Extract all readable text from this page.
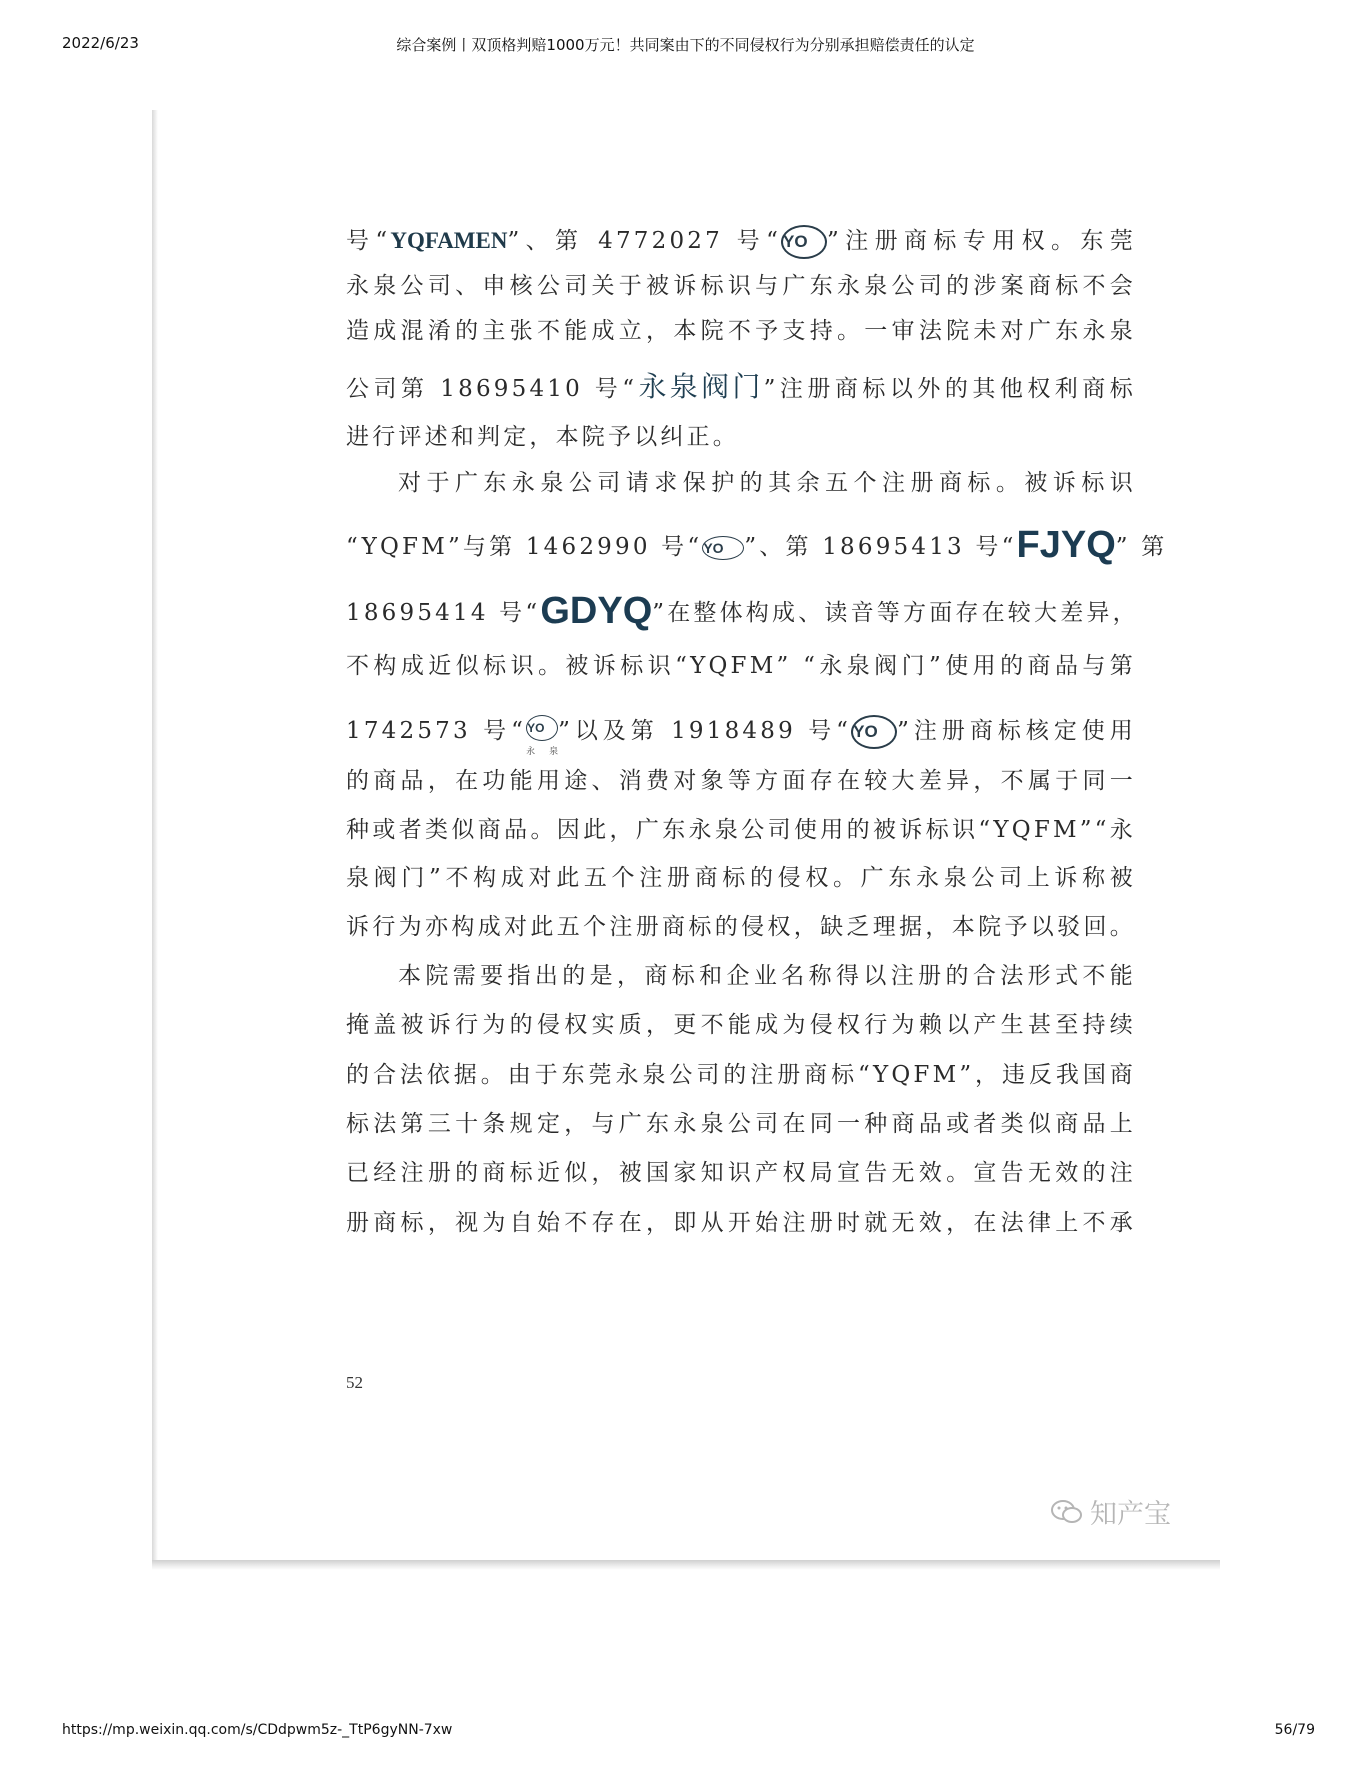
综合案例丨双顶格判赔1000万元！共同案由下的不同侵权行为分别承担赔偿责任的认定
2022/6/23
号“YQFAMEN”、第 4772027 号“ YO ”注册商标专用权。东莞
永泉公司、申核公司关于被诉标识与广东永泉公司的涉案商标不会
造成混淆的主张不能成立，本院不予支持。一审法院未对广东永泉
公司第 18695410 号“永泉阀门”注册商标以外的其他权利商标
进行评述和判定，本院予以纠正。
对于广东永泉公司请求保护的其余五个注册商标。被诉标识
“YQFM”与第 1462990 号“YO ”、第 18695413 号“FJYQ” 第
18695414 号“GDYQ”在整体构成、读音等方面存在较大差异，
不构成近似标识。被诉标识“YQFM” “永泉阀门”使用的商品与第
1742573 号“YO
永泉
”以及第 1918489 号“ YO ”注册商标核定使用
的商品，在功能用途、消费对象等方面存在较大差异，不属于同一
种或者类似商品。因此，广东永泉公司使用的被诉标识“YQFM”“永
泉阀门”不构成对此五个注册商标的侵权。广东永泉公司上诉称被
诉行为亦构成对此五个注册商标的侵权，缺乏理据，本院予以驳回。
本院需要指出的是，商标和企业名称得以注册的合法形式不能
掩盖被诉行为的侵权实质，更不能成为侵权行为赖以产生甚至持续
的合法依据。由于东莞永泉公司的注册商标“YQFM”，违反我国商
标法第三十条规定，与广东永泉公司在同一种商品或者类似商品上
已经注册的商标近似，被国家知识产权局宣告无效。宣告无效的注
册商标，视为自始不存在，即从开始注册时就无效，在法律上不承
52
知产宝
https://mp.weixin.qq.com/s/CDdpwm5z-_TtP6gyNN-7xw	56/79
